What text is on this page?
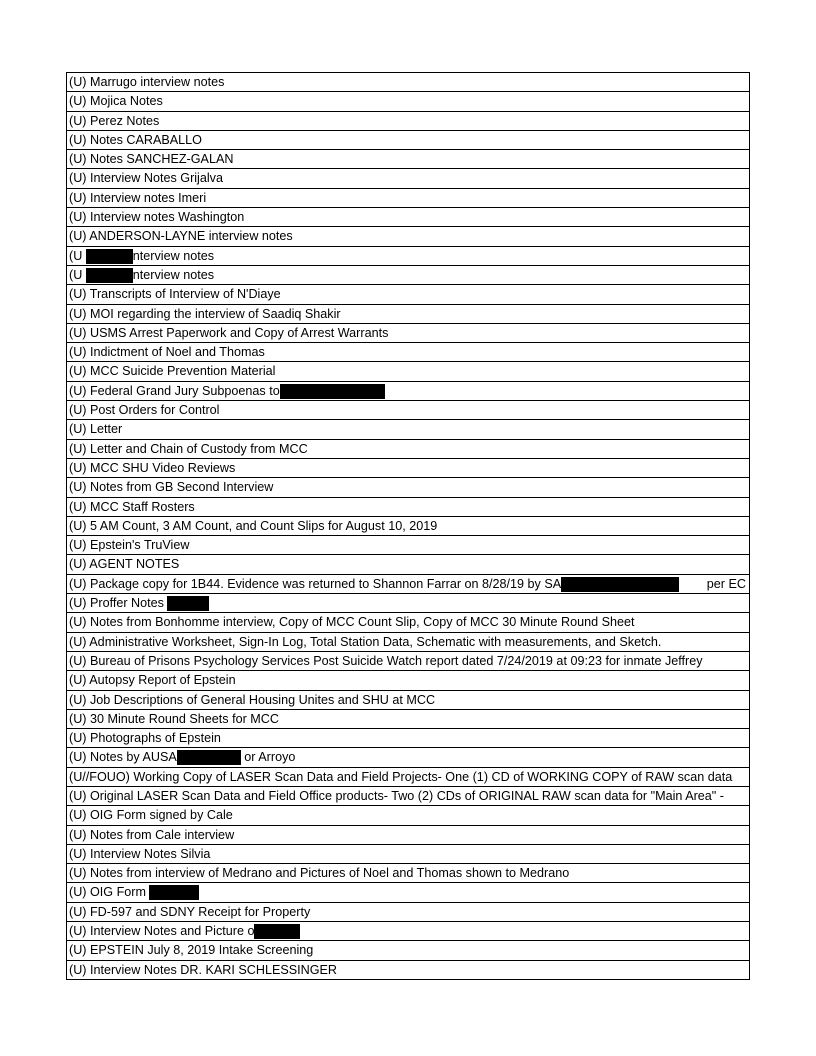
(U) Marrugo interview notes
(U) Mojica Notes
(U) Perez Notes
(U) Notes CARABALLO
(U) Notes SANCHEZ-GALAN
(U) Interview Notes Grijalva
(U) Interview notes Imeri
(U) Interview notes Washington
(U) ANDERSON-LAYNE interview notes
(U	nterview notes
(U	nterview notes
(U) Transcripts of Interview of N'Diaye
(U) MOI regarding the interview of Saadiq Shakir
(U) USMS Arrest Paperwork and Copy of Arrest Warrants
(U) Indictment of Noel and Thomas
(U) MCC Suicide Prevention Material
(U) Federal Grand Jury Subpoenas to
(U) Post Orders for Control
(U) Letter
(U) Letter and Chain of Custody from MCC
(U) MCC SHU Video Reviews
(U) Notes from GB Second Interview
(U) MCC Staff Rosters
(U) 5 AM Count, 3 AM Count, and Count Slips for August 10, 2019
(U) Epstein's TruView
(U) AGENT NOTES
(U) Package copy for 1B44. Evidence was returned to Shannon Farrar on 8/28/19 by SA	per EC
(U) Proffer Notes
(U) Notes from Bonhomme interview, Copy of MCC Count Slip, Copy of MCC 30 Minute Round Sheet
(U) Administrative Worksheet, Sign-In Log, Total Station Data, Schematic with measurements, and Sketch.
(U) Bureau of Prisons Psychology Services Post Suicide Watch report dated 7/24/2019 at 09:23 for inmate Jeffrey
(U) Autopsy Report of Epstein
(U) Job Descriptions of General Housing Unites and SHU at MCC
(U) 30 Minute Round Sheets for MCC
(U) Photographs of Epstein
(U) Notes by AUSA	or Arroyo
(U//FOUO) Working Copy of LASER Scan Data and Field Projects- One (1) CD of WORKING COPY of RAW scan data
(U) Original LASER Scan Data and Field Office products- Two (2) CDs of ORIGINAL RAW scan data for "Main Area" -
(U) OIG Form signed by Cale
(U) Notes from Cale interview
(U) Interview Notes Silvia
(U) Notes from interview of Medrano and Pictures of Noel and Thomas shown to Medrano
(U) OIG Form
(U) FD-597 and SDNY Receipt for Property
(U) Interview Notes and Picture o
(U) EPSTEIN July 8, 2019 Intake Screening
(U) Interview Notes DR. KARI SCHLESSINGER
